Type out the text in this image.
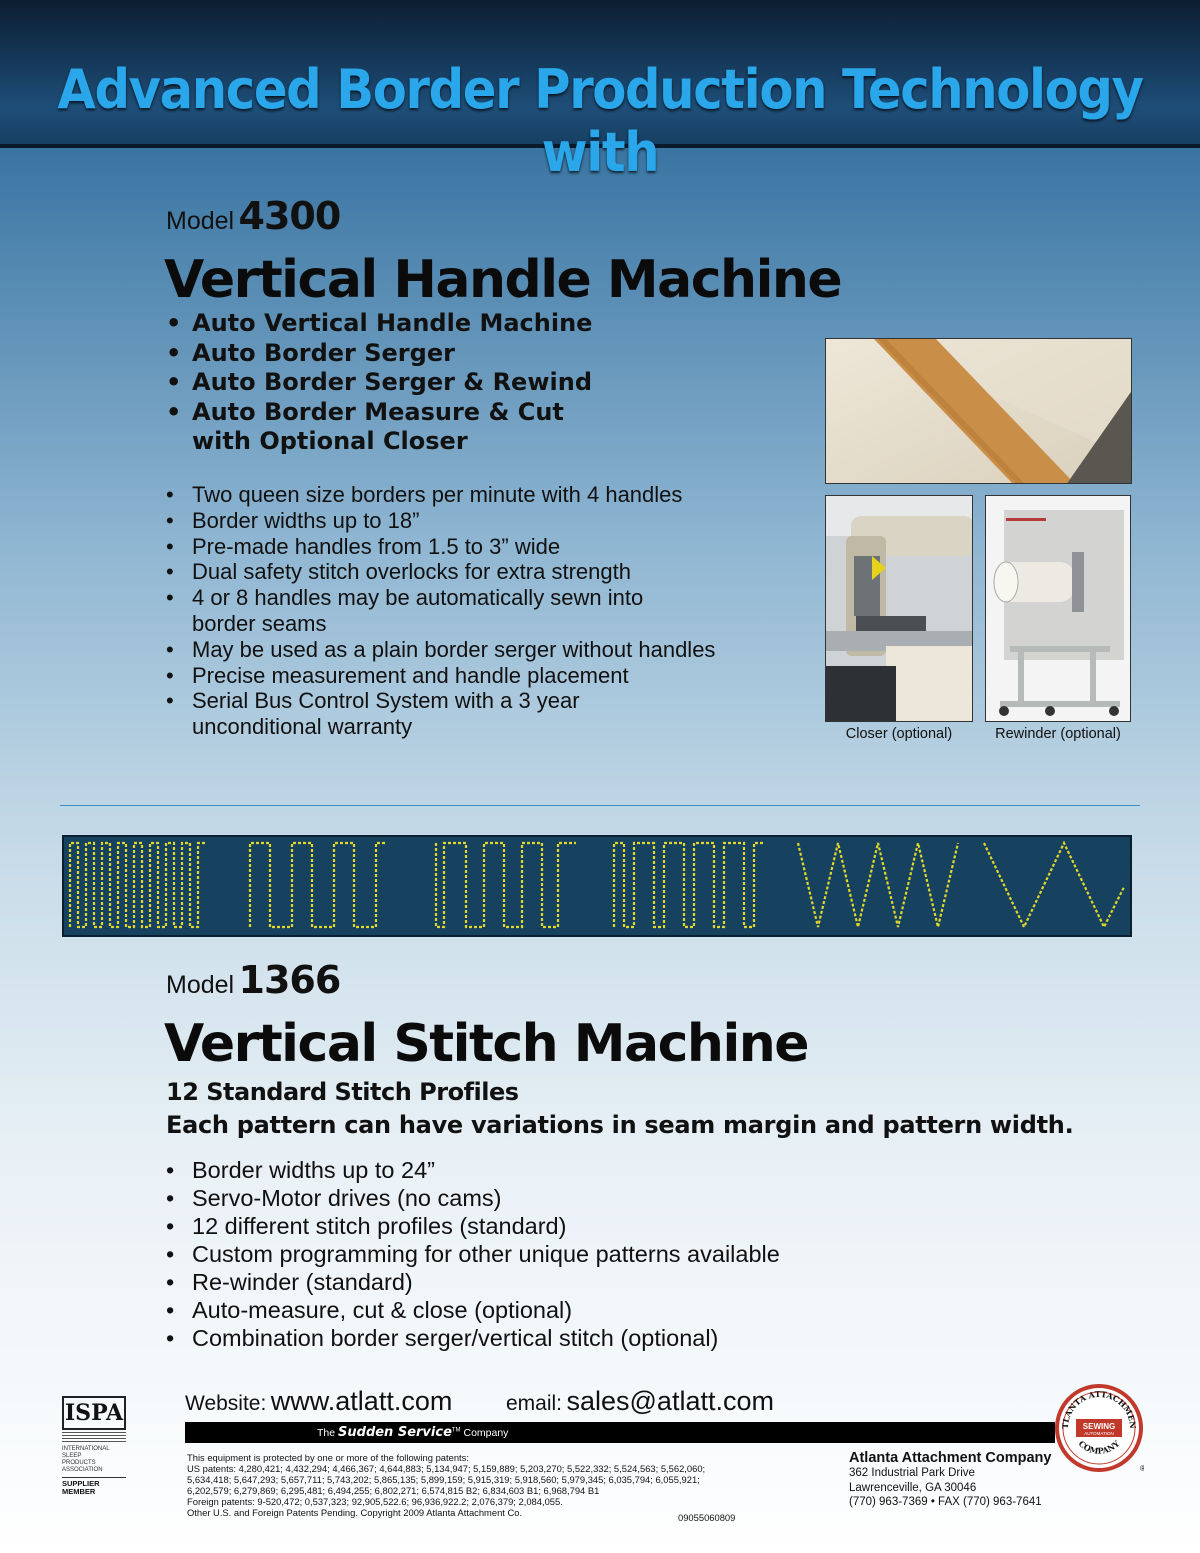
Advanced Border Production Technology with
Model 4300
Vertical Handle Machine
• Auto Vertical Handle Machine
• Auto Border Serger
• Auto Border Serger & Rewind
• Auto Border Measure & Cut
with Optional Closer
• Two queen size borders per minute with 4 handles
• Border widths up to 18”
• Pre-made handles from 1.5 to 3” wide
• Dual safety stitch overlocks for extra strength
• 4 or 8 handles may be automatically sewn into
border seams
• May be used as a plain border serger without handles
• Precise measurement and handle placement
• Serial Bus Control System with a 3 year
unconditional warranty	Closer (optional)	Rewinder (optional)
Model 1366
Vertical Stitch Machine
12 Standard Stitch Profiles
Each pattern can have variations in seam margin and pattern width.
• Border widths up to 24”
• Servo-Motor drives (no cams)
• 12 different stitch profiles (standard)
• Custom programming for other unique patterns available
• Re-winder (standard)
• Auto-measure, cut & close (optional)
• Combination border serger/vertical stitch (optional)
ISPA
INTERNATIONAL
SLEEP
PRODUCTS
ASSOCIATION
SUPPLIER
MEMBER
Website: www.atlatt.com	email: sales@atlatt.com
The Sudden Service™ Company
This equipment is protected by one or more of the following patents:
US patents: 4,280,421; 4,432,294; 4,466,367; 4,644,883; 5,134,947; 5,159,889; 5,203,270; 5,522,332; 5,524,563; 5,562,060;
5,634,418; 5,647,293; 5,657,711; 5,743,202; 5,865,135; 5,899,159; 5,915,319; 5,918,560; 5,979,345; 6,035,794; 6,055,921;
6,202,579; 6,279,869; 6,295,481; 6,494,255; 6,802,271; 6,574,815 B2; 6,834,603 B1; 6,968,794 B1
Foreign patents: 9-520,472; 0,537,323; 92,905,522.6; 96,936,922.2; 2,076,379; 2,084,055.
Other U.S. and Foreign Patents Pending. Copyright 2009 Atlanta Attachment Co.	09055060809
Atlanta Attachment Company
362 Industrial Park Drive
Lawrenceville, GA 30046
(770) 963-7369 • FAX (770) 963-7641
TLANTA ATTACHMEN
COMPANY
SEWING
AUTOMATION
®
